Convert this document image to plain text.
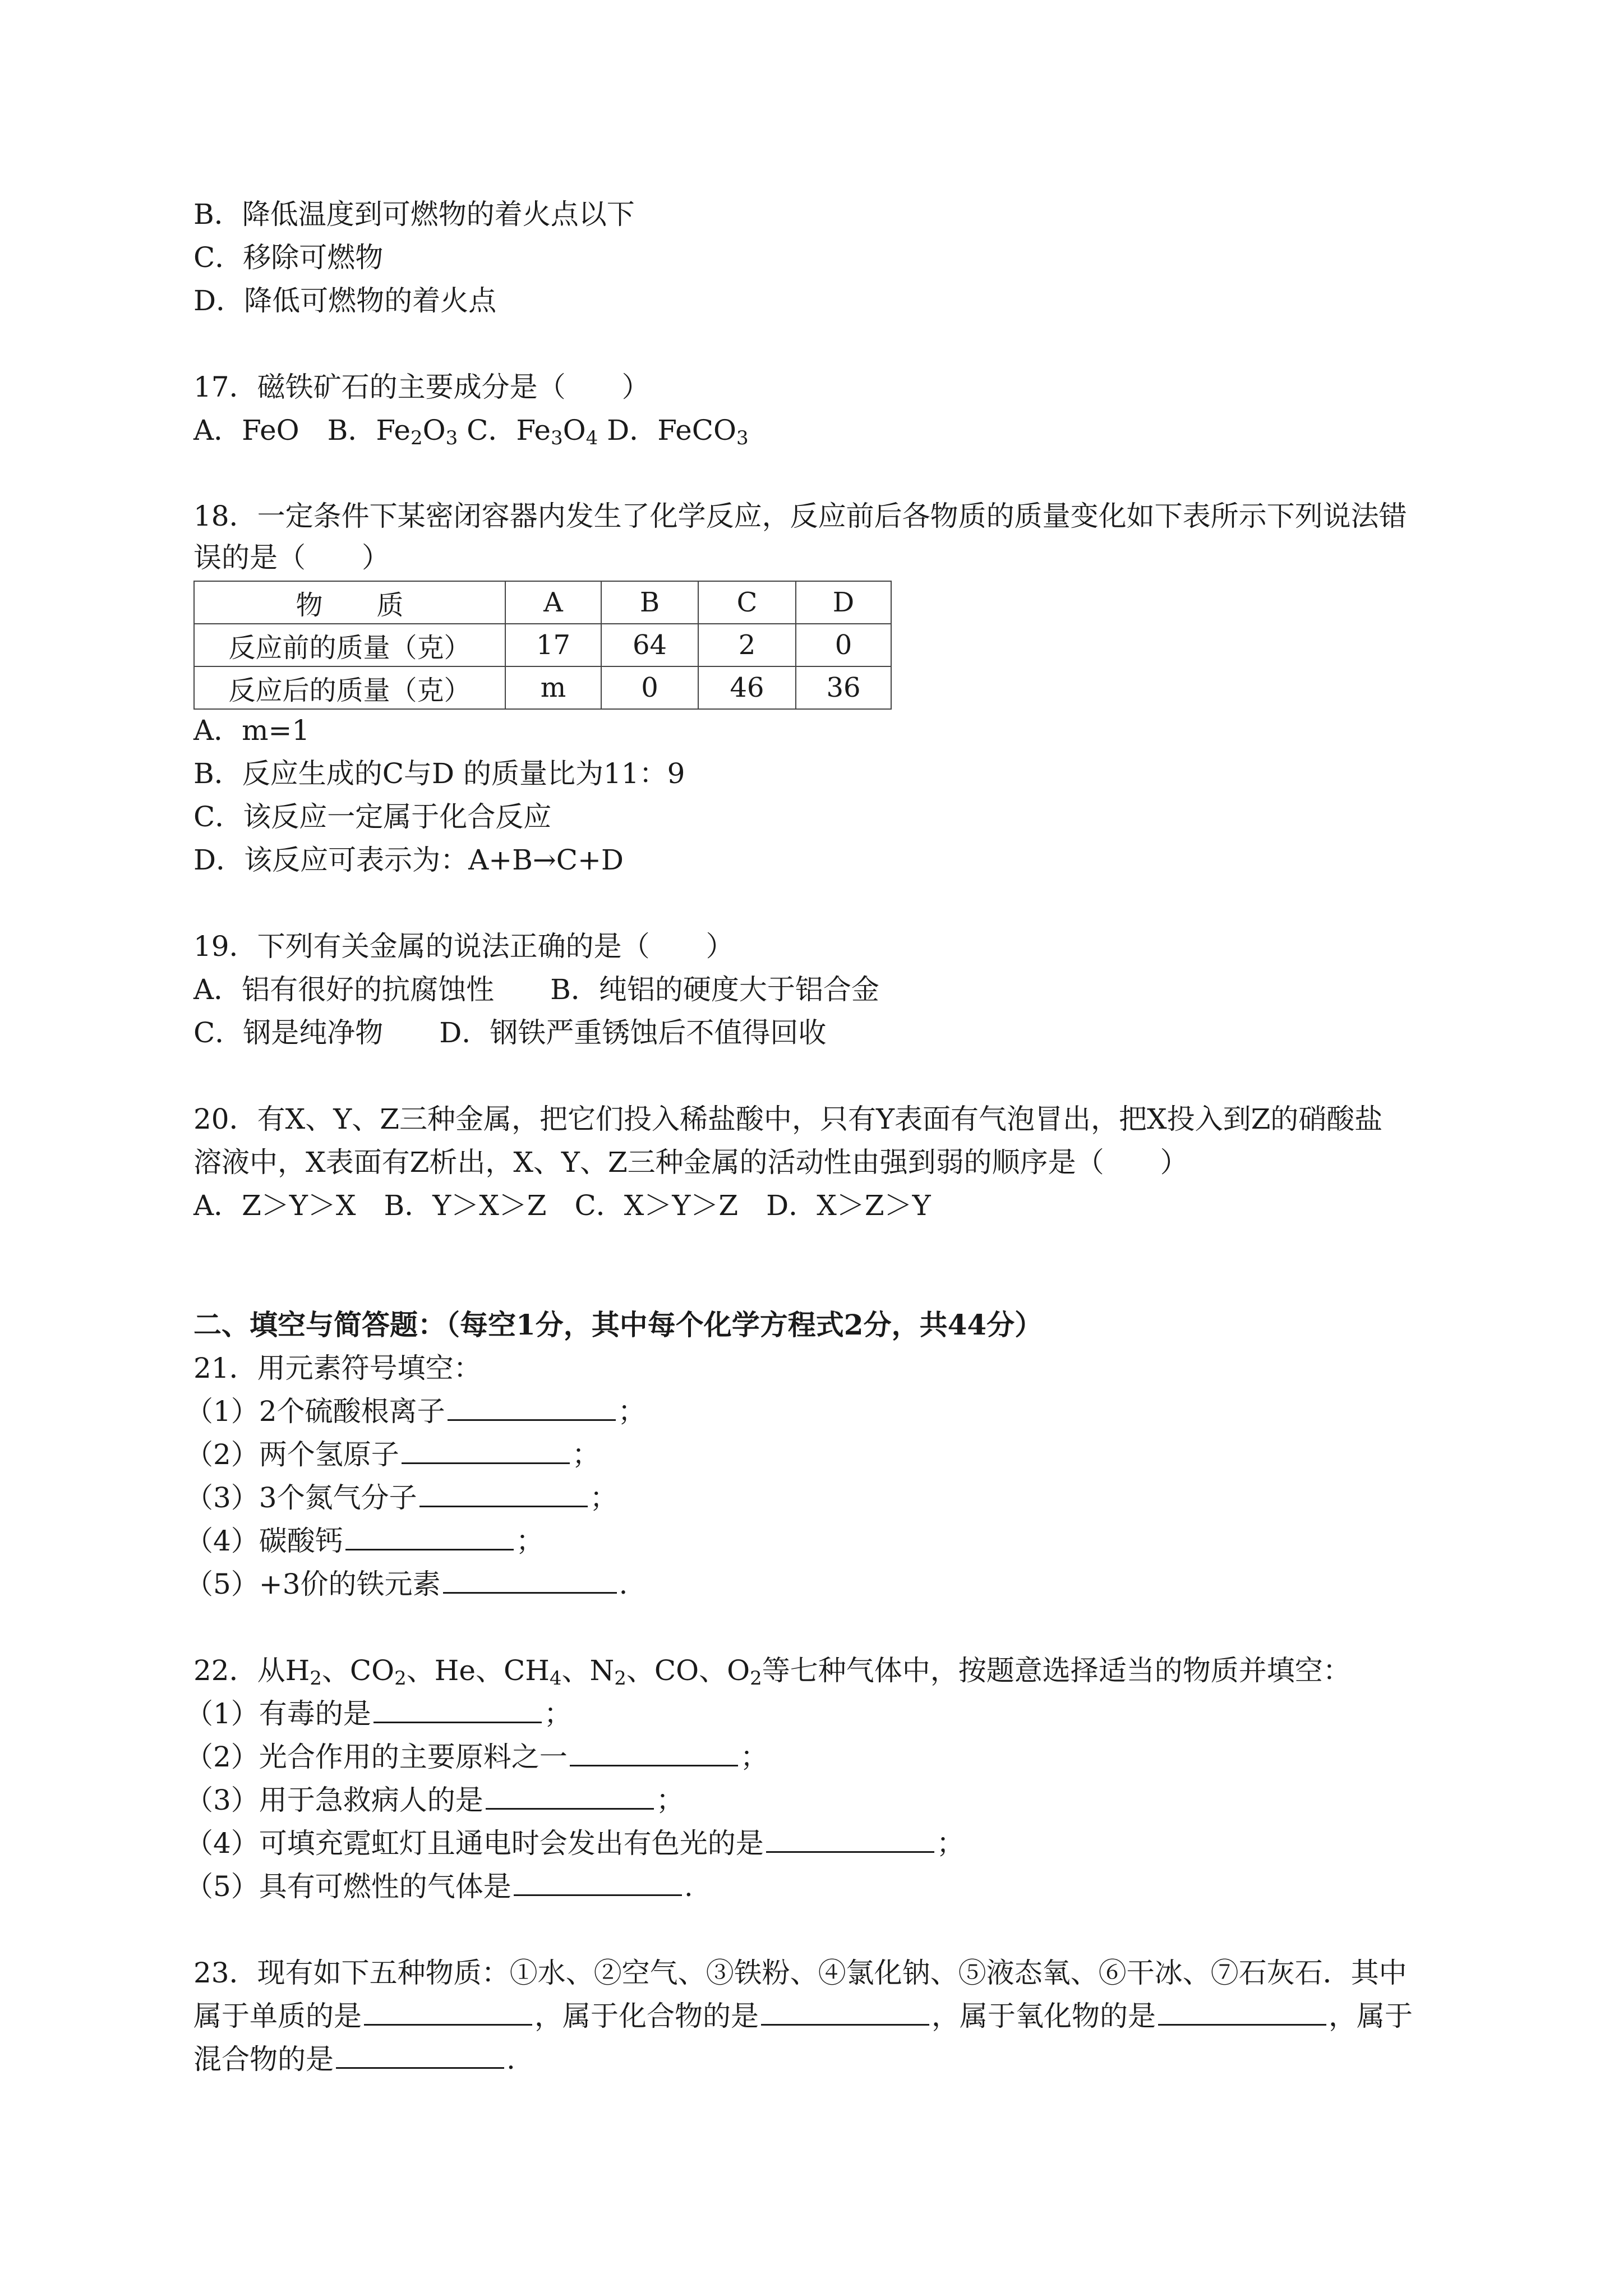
B．降低温度到可燃物的着火点以下
C．移除可燃物
D．降低可燃物的着火点
17．磁铁矿石的主要成分是（　　）
A．FeO　B．$Fe_2O_3$ C．$Fe_3O_4$ D．FeCO$_3$
18．一定条件下某密闭容器内发生了化学反应，反应前后各物质的质量变化如下表所示下列说法错
误的是（　　）
物　　质	A	B	C	D
反应前的质量（克）	17	64	2	0
反应后的质量（克）	m	0	46	36
A．m=1
B．反应生成的C与D 的质量比为11：9
C．该反应一定属于化合反应
D．该反应可表示为：A+B→C+D
19．下列有关金属的说法正确的是（　　）
A．铝有很好的抗腐蚀性　　B．纯铝的硬度大于铝合金
C．钢是纯净物　　D．钢铁严重锈蚀后不值得回收
20．有X、Y、Z三种金属，把它们投入稀盐酸中，只有Y表面有气泡冒出，把X投入到Z的硝酸盐
溶液中，X表面有Z析出，X、Y、Z三种金属的活动性由强到弱的顺序是（　　）
A．Z＞Y＞X　B．Y＞X＞Z　C．X＞Y＞Z　D．X＞Z＞Y
二、填空与简答题：（每空1分，其中每个化学方程式2分，共44分）
21．用元素符号填空：
（1）2个硫酸根离子	；
（2）两个氢原子	；
（3）3个氮气分子	；
（4）碳酸钙	；
（5）+3价的铁元素	.
22．从$H_2$、$CO_2$、He、$CH_4$、$N_2$、CO、$O_2$等七种气体中，按题意选择适当的物质并填空：
（1）有毒的是	；
（2）光合作用的主要原料之一	；
（3）用于急救病人的是	；
（4）可填充霓虹灯且通电时会发出有色光的是	；
（5）具有可燃性的气体是	.
23．现有如下五种物质：①水、②空气、③铁粉、④氯化钠、⑤液态氧、⑥干冰、⑦石灰石．其中
属于单质的是	，属于化合物的是	，属于氧化物的是	，属于
混合物的是	.
